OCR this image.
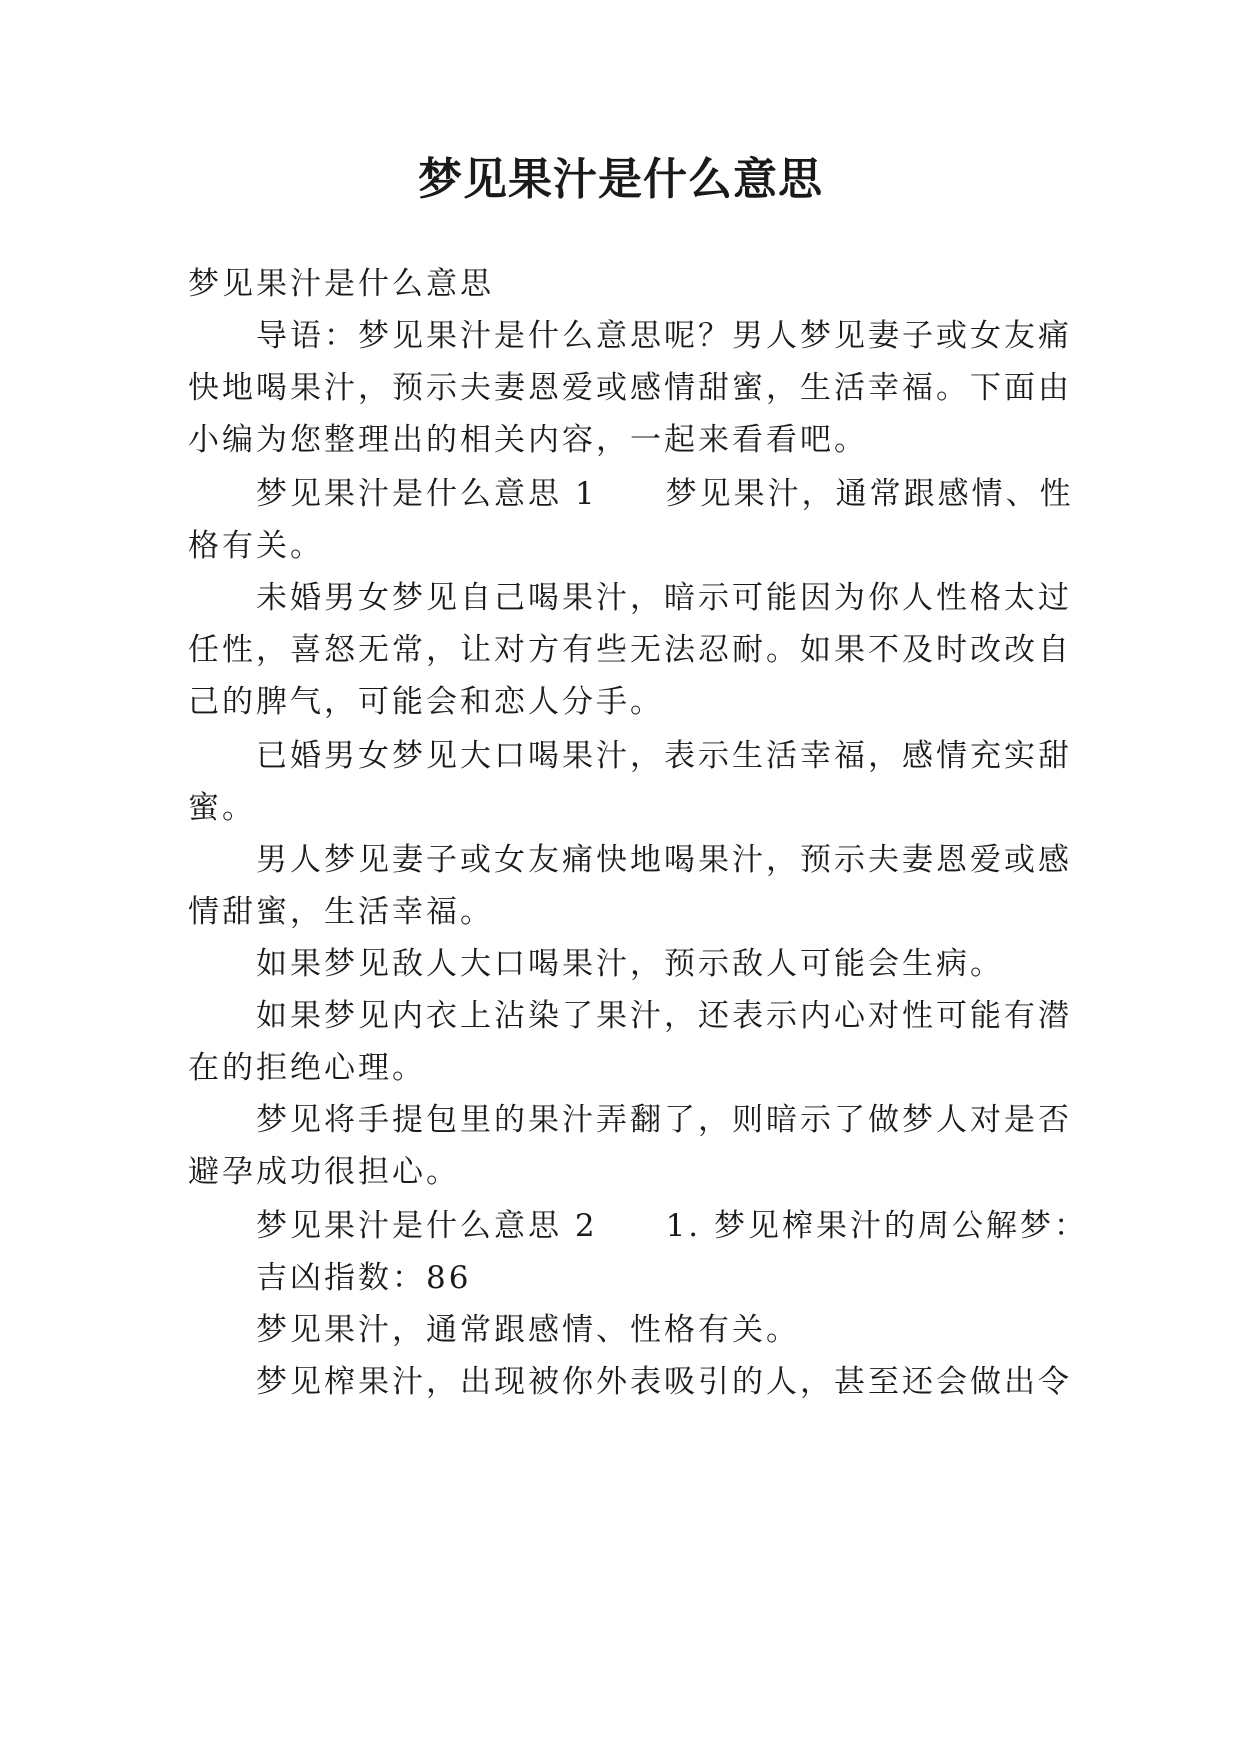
梦见果汁是什么意思

梦见果汁是什么意思

导语：梦见果汁是什么意思呢？男人梦见妻子或女友痛

快地喝果汁，预示夫妻恩爱或感情甜蜜，生活幸福。下面由

小编为您整理出的相关内容，一起来看看吧。

梦见果汁是什么意思 1　　梦见果汁，通常跟感情、性

格有关。

未婚男女梦见自己喝果汁，暗示可能因为你人性格太过

任性，喜怒无常，让对方有些无法忍耐。如果不及时改改自

己的脾气，可能会和恋人分手。

已婚男女梦见大口喝果汁，表示生活幸福，感情充实甜

蜜。

男人梦见妻子或女友痛快地喝果汁，预示夫妻恩爱或感

情甜蜜，生活幸福。

如果梦见敌人大口喝果汁，预示敌人可能会生病。

如果梦见内衣上沾染了果汁，还表示内心对性可能有潜

在的拒绝心理。

梦见将手提包里的果汁弄翻了，则暗示了做梦人对是否

避孕成功很担心。

梦见果汁是什么意思 2　　1. 梦见榨果汁的周公解梦：

吉凶指数：86

梦见果汁，通常跟感情、性格有关。

梦见榨果汁，出现被你外表吸引的人，甚至还会做出令
